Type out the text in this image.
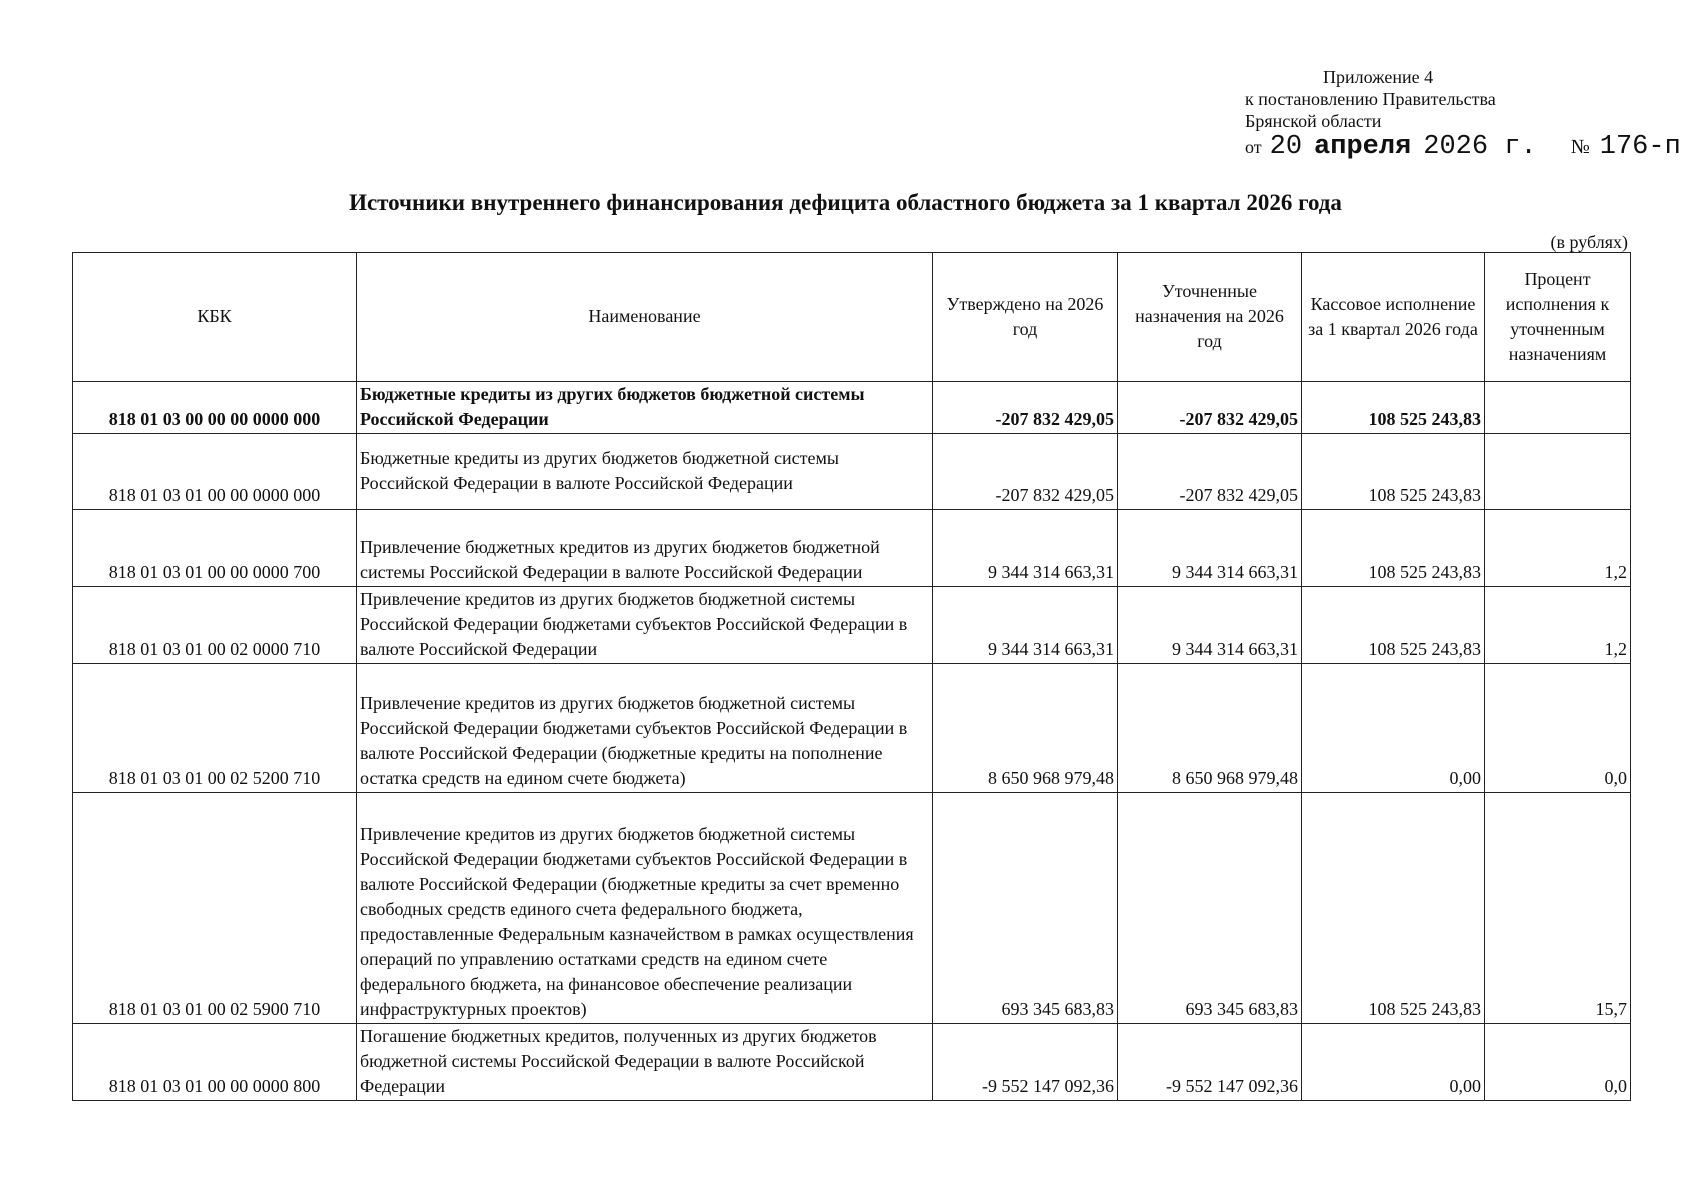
Приложение 4
к постановлению Правительства
Брянской области
от 20 апреля 2026 г. № 176-п
Источники внутреннего финансирования дефицита областного бюджета за 1 квартал 2026 года
(в рублях)
КБК	Наименование	Утверждено на 2026 год	Уточненные назначения на 2026 год	Кассовое исполнение за 1 квартал 2026 года	Процент исполнения к уточненным назначениям
818 01 03 00 00 00 0000 000	Бюджетные кредиты из других бюджетов бюджетной системы Российской Федерации	-207 832 429,05	-207 832 429,05	108 525 243,83	
818 01 03 01 00 00 0000 000	Бюджетные кредиты из других бюджетов бюджетной системы Российской Федерации в валюте Российской Федерации	-207 832 429,05	-207 832 429,05	108 525 243,83	
818 01 03 01 00 00 0000 700	Привлечение бюджетных кредитов из других бюджетов бюджетной системы Российской Федерации в валюте Российской Федерации	9 344 314 663,31	9 344 314 663,31	108 525 243,83	1,2
818 01 03 01 00 02 0000 710	Привлечение кредитов из других бюджетов бюджетной системы Российской Федерации бюджетами субъектов Российской Федерации в валюте Российской Федерации	9 344 314 663,31	9 344 314 663,31	108 525 243,83	1,2
818 01 03 01 00 02 5200 710	Привлечение кредитов из других бюджетов бюджетной системы Российской Федерации бюджетами субъектов Российской Федерации в валюте Российской Федерации (бюджетные кредиты на пополнение остатка средств на едином счете бюджета)	8 650 968 979,48	8 650 968 979,48	0,00	0,0
818 01 03 01 00 02 5900 710	Привлечение кредитов из других бюджетов бюджетной системы Российской Федерации бюджетами субъектов Российской Федерации в валюте Российской Федерации (бюджетные кредиты за счет временно свободных средств единого счета федерального бюджета, предоставленные Федеральным казначейством в рамках осуществления операций по управлению остатками средств на едином счете федерального бюджета, на финансовое обеспечение реализации инфраструктурных проектов)	693 345 683,83	693 345 683,83	108 525 243,83	15,7
818 01 03 01 00 00 0000 800	Погашение бюджетных кредитов, полученных из других бюджетов бюджетной системы Российской Федерации в валюте Российской Федерации	-9 552 147 092,36	-9 552 147 092,36	0,00	0,0
